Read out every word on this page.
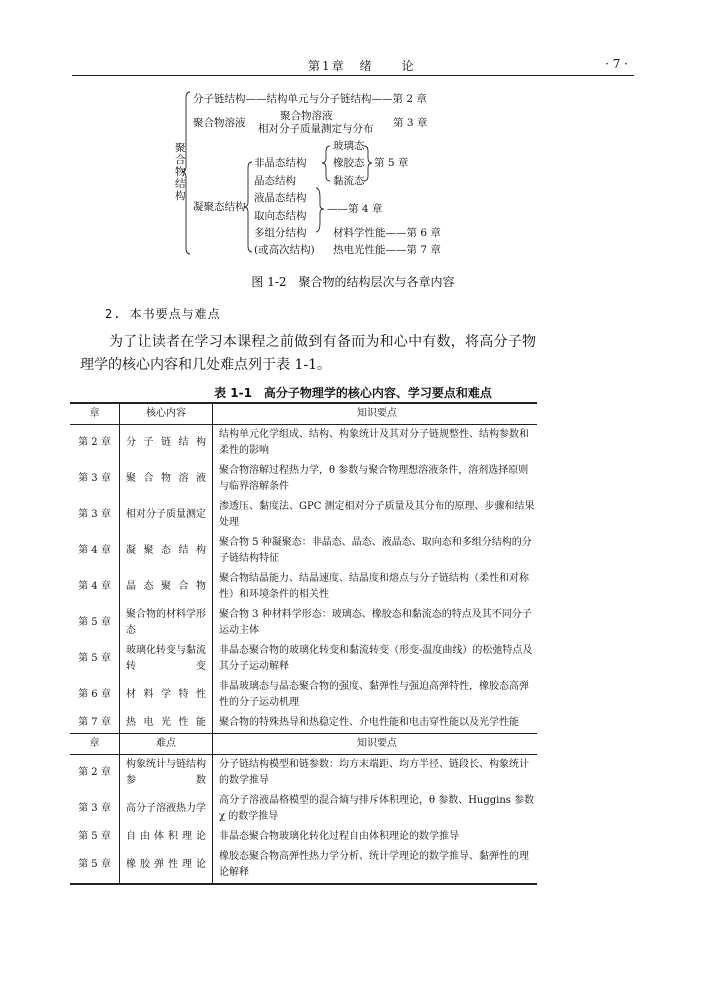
第1章　绪　　论	· 7 ·
聚合物结构
分子链结构——结构单元与分子链结构——第 2 章
聚合物溶液
聚合物溶液
相对分子质量测定与分布 第 3 章
凝聚态结构
非晶态结构
晶态结构
液晶态结构
取向态结构
多组分结构
(或高次结构)
玻璃态
橡胶态
黏流态
第 5 章
——第 4 章
材料学性能——第 6 章
热电光性能——第 7 章
图 1-2　聚合物的结构层次与各章内容
2. 本书要点与难点
为了让读者在学习本课程之前做到有备而为和心中有数，将高分子物理学的核心内容和几处难点列于表 1-1。
表 1-1　高分子物理学的核心内容、学习要点和难点
章	核心内容	知识要点
第 2 章	分子链结构	结构单元化学组成、结构、构象统计及其对分子链规整性、结构参数和柔性的影响
第 3 章	聚合物溶液	聚合物溶解过程热力学，θ 参数与聚合物理想溶液条件，溶剂选择原则与临界溶解条件
第 3 章	相对分子质量测定	渗透压、黏度法、GPC 测定相对分子质量及其分布的原理、步骤和结果处理
第 4 章	凝聚态结构	聚合物 5 种凝聚态：非晶态、晶态、液晶态、取向态和多组分结构的分子链结构特征
第 4 章	晶态聚合物	聚合物结晶能力、结晶速度、结晶度和熔点与分子链结构（柔性和对称性）和环境条件的相关性
第 5 章	聚合物的材料学形态	聚合物 3 种材料学形态：玻璃态、橡胶态和黏流态的特点及其不同分子运动主体
第 5 章	玻璃化转变与黏流转变	非晶态聚合物的玻璃化转变和黏流转变（形变-温度曲线）的松弛特点及其分子运动解释
第 6 章	材料学特性	非晶玻璃态与晶态聚合物的强度、黏弹性与强迫高弹特性，橡胶态高弹性的分子运动机理
第 7 章	热电光性能	聚合物的特殊热导和热稳定性、介电性能和电击穿性能以及光学性能
章	难点	知识要点
第 2 章	构象统计与链结构参数	分子链结构模型和链参数：均方末端距、均方半径、链段长、构象统计的数学推导
第 3 章	高分子溶液热力学	高分子溶液晶格模型的混合熵与排斥体积理论，θ 参数、Huggins 参数 χ 的数学推导
第 5 章	自由体积理论	非晶态聚合物玻璃化转化过程自由体积理论的数学推导
第 5 章	橡胶弹性理论	橡胶态聚合物高弹性热力学分析、统计学理论的数学推导、黏弹性的理论解释
